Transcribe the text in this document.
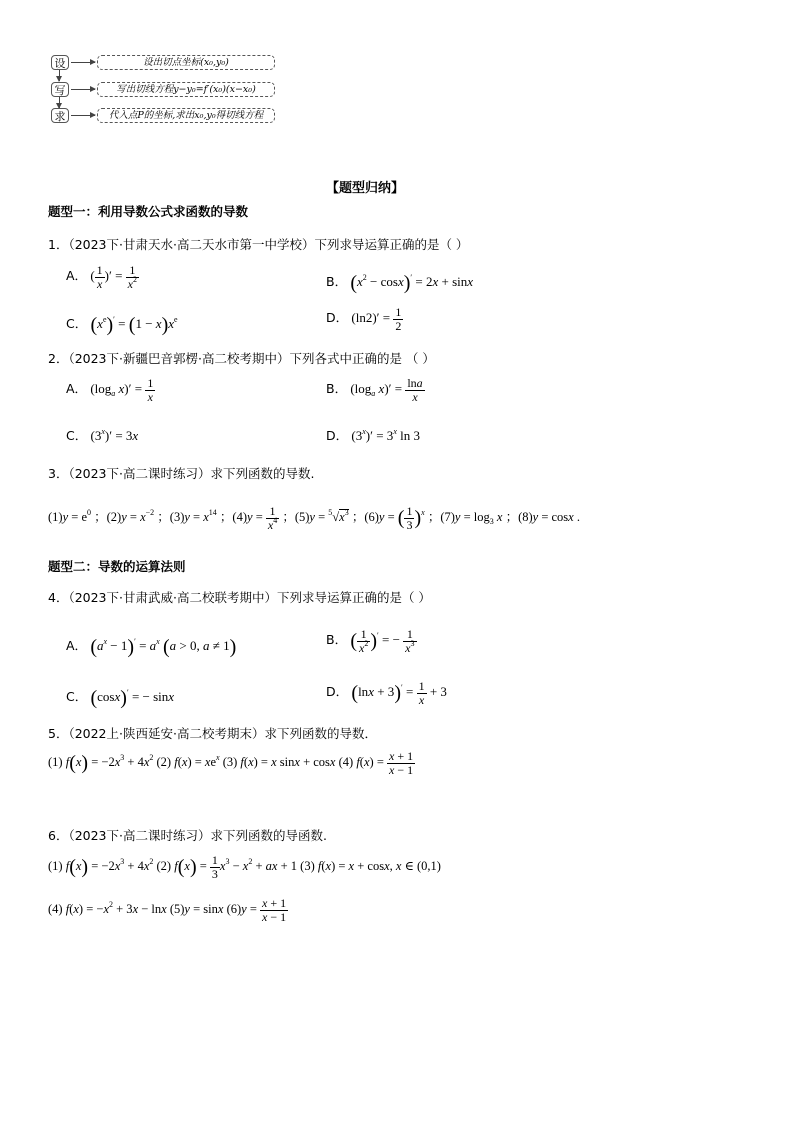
设	设出切点坐标(x₀,y₀)
写	写出切线方程y−y₀=f′(x₀)(x−x₀)
求	代入点P的坐标,求出x₀,y₀得切线方程
【题型归纳】
题型一：利用导数公式求函数的导数
1．（2023下·甘肃天水·高二天水市第一中学校）下列求导运算正确的是（ ）
A． ( $\frac{1}{x}$ )′ = $\frac{1}{x^2}$	B． $(x^2 - \cos x)' = 2x + \sin x$
C． $(x^e)' = (1 - x)x^e$	D． $(\ln 2)' = \frac{1}{2}$
2．（2023下·新疆巴音郭楞·高二校考期中）下列各式中正确的是 （ ）
A． ($\log_a$ $x)' = \frac{1}{x}$	B． ($\log_a$ $x)' = \frac{\ln a}{x}$
C． $(3^x)' = 3x$	D． $(3^x)' = 3^x$ ln 3
3．（2023下·高二课时练习）求下列函数的导数.
$(1)y = e^0$ ；$(2)y = x^{-2}$ ；$(3)y = x^{14}$ ；$(4)y = \frac{1}{x^4}$ ；$(5)y = ^5√x^3$ ；(6)y = ( $\frac{1}{3} )^x$ ；$(7)y = \log_3 x$ ；(8)y = cosx .
题型二：导数的运算法则
4．（2023下·甘肃武威·高二校联考期中）下列求导运算正确的是（ ）
A． $(a^x - 1)' = a^x$ (a > 0, a ≠ 1)	B． ( $\frac{1}{x^2} )'$ = − $\frac{1}{x^3}$
C． (cosx)′ = − sinx	D． $(\ln x + 3)' = \frac{1}{x} + 3$
5．（2022上·陕西延安·高二校考期末）求下列函数的导数．
(1) $f(x) = -2x^3 + 4x^2$ (2) $f(x) = xe^x$ (3) f(x) = x sinx + cosx (4) $f(x) = \frac{x + 1}{x - 1}$
6．（2023下·高二课时练习）求下列函数的导函数.
(1) $f(x) = -2x^3 + 4x^2$ (2) $f(x) = \frac{1}{3} x^3 - x^2$ + ax + 1 (3) f(x) = x + cosx, x ∈ (0,1)
(4) $f(x) = -x^2 + 3x - \ln x$ (5)y = sinx $(6)y = \frac{x + 1}{x - 1}$
